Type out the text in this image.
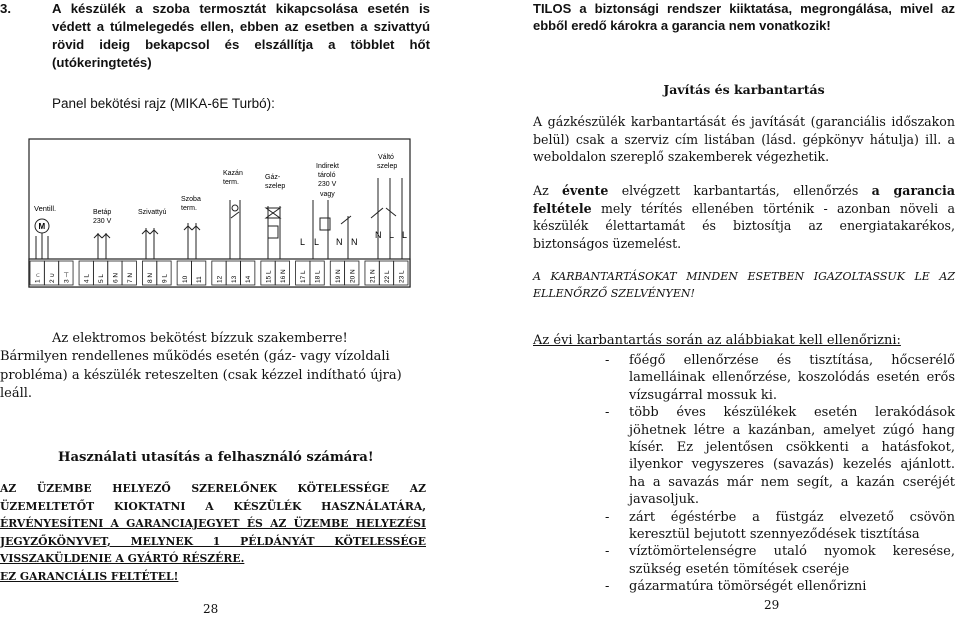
3.	A készülék a szoba termosztát kikapcsolása esetén is védett a túlmelegedés ellen, ebben az esetben a szivattyú rövid ideig bekapcsol és elszállítja a többlet hőt (utókeringtetés)
TILOS a biztonsági rendszer kiiktatása, megrongálása, mivel az ebből eredő károkra a garancia nem vonatkozik!
Panel bekötési rajz (MIKA-6E Turbó):
Ventill.
M
Betáp
230 V
Szivattyú
Szoba
term.
Kazán
term.
Gáz-
szelep
Indirekt
tároló
230 V
vagy
Váltó
szelep
L L N N
N L L
1 ∩ 2 ∪ 3 ⊣ 4 L 5 L 6 N 7 N 8 N 9 L 10 11 12 13 14 15 L 16 N 17 L 18 L 19 N 20 N 21 N 22 L 23 L
Javítás és karbantartás
A gázkészülék karbantartását és javítását (garanciális időszakon belül) csak a szerviz cím listában (lásd. gépkönyv hátulja) ill. a weboldalon szereplő szakemberek végezhetik.
Az évente elvégzett karbantartás, ellenőrzés a garancia feltétele mely térítés ellenében történik - azonban növeli a készülék élettartamát és biztosítja az energiatakarékos, biztonságos üzemelést.
A KARBANTARTÁSOKAT MINDEN ESETBEN IGAZOLTASSUK LE AZ ELLENŐRZŐ SZELVÉNYEN!
Az elektromos bekötést bízzuk szakemberre!
Bármilyen rendellenes működés esetén (gáz- vagy vízoldali probléma) a készülék reteszelten (csak kézzel indítható újra) leáll.
Használati utasítás a felhasználó számára!
AZ ÜZEMBE HELYEZŐ SZERELŐNEK KÖTELESSÉGE AZ ÜZEMELTETŐT KIOKTATNI A KÉSZÜLÉK HASZNÁLATÁRA, ÉRVÉNYESÍTENI A GARANCIAJEGYET ÉS AZ ÜZEMBE HELYEZÉSI JEGYZŐKÖNYVET, MELYNEK 1 PÉLDÁNYÁT KÖTELESSÉGE VISSZAKÜLDENIE A GYÁRTÓ RÉSZÉRE.
EZ GARANCIÁLIS FELTÉTEL!
Az évi karbantartás során az alábbiakat kell ellenőrizni:
- főégő ellenőrzése és tisztítása, hőcserélő lamelláinak ellenőrzése, koszolódás esetén erős vízsugárral mossuk ki.
- több éves készülékek esetén lerakódások jöhetnek létre a kazánban, amelyet zúgó hang kísér. Ez jelentősen csökkenti a hatásfokot, ilyenkor vegyszeres (savazás) kezelés ajánlott. ha a savazás már nem segít, a kazán cseréjét javasoljuk.
- zárt égéstérbe a füstgáz elvezető csövön keresztül bejutott szennyeződések tisztítása
- víztömörtelenségre utaló nyomok keresése, szükség esetén tömítések cseréje
- gázarmatúra tömörségét ellenőrizni
28	29
